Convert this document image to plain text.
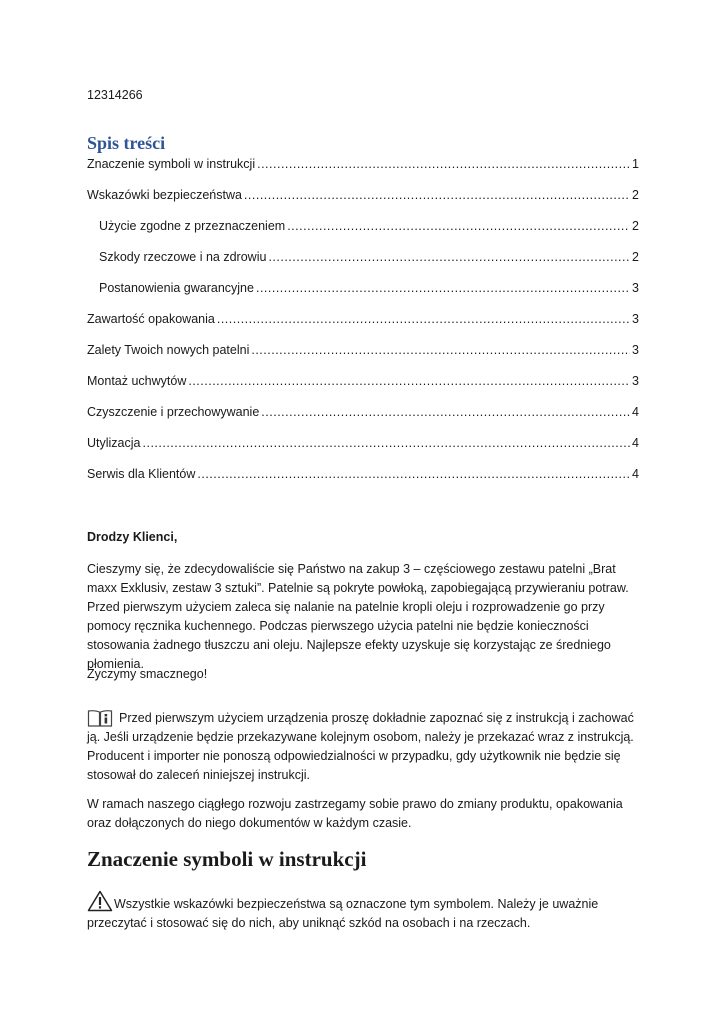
12314266
Spis treści
Znaczenie symboli w instrukcji .....	1
Wskazówki bezpieczeństwa .....	2
Użycie zgodne z przeznaczeniem .....	2
Szkody rzeczowe i na zdrowiu .....	2
Postanowienia gwarancyjne .....	3
Zawartość opakowania .....	3
Zalety Twoich nowych patelni .....	3
Montaż uchwytów .....	3
Czyszczenie i przechowywanie .....	4
Utylizacja .....	4
Serwis dla Klientów .....	4

Drodzy Klienci,

Cieszymy się, że zdecydowaliście się Państwo na zakup 3 – częściowego zestawu patelni „Brat maxx Exklusiv, zestaw 3 sztuki”. Patelnie są pokryte powłoką, zapobiegającą przywieraniu potraw. Przed pierwszym użyciem zaleca się nalanie na patelnie kropli oleju i rozprowadzenie go przy pomocy ręcznika kuchennego. Podczas pierwszego użycia patelni nie będzie konieczności stosowania żadnego tłuszczu ani oleju. Najlepsze efekty uzyskuje się korzystając ze średniego płomienia.

Życzymy smacznego!

Przed pierwszym użyciem urządzenia proszę dokładnie zapoznać się z instrukcją i zachować ją. Jeśli urządzenie będzie przekazywane kolejnym osobom, należy je przekazać wraz z instrukcją. Producent i importer nie ponoszą odpowiedzialności w przypadku, gdy użytkownik nie będzie się stosował do zaleceń niniejszej instrukcji.

W ramach naszego ciągłego rozwoju zastrzegamy sobie prawo do zmiany produktu, opakowania oraz dołączonych do niego dokumentów w każdym czasie.

Znaczenie symboli w instrukcji

Wszystkie wskazówki bezpieczeństwa są oznaczone tym symbolem. Należy je uważnie przeczytać i stosować się do nich, aby uniknąć szkód na osobach i na rzeczach.
